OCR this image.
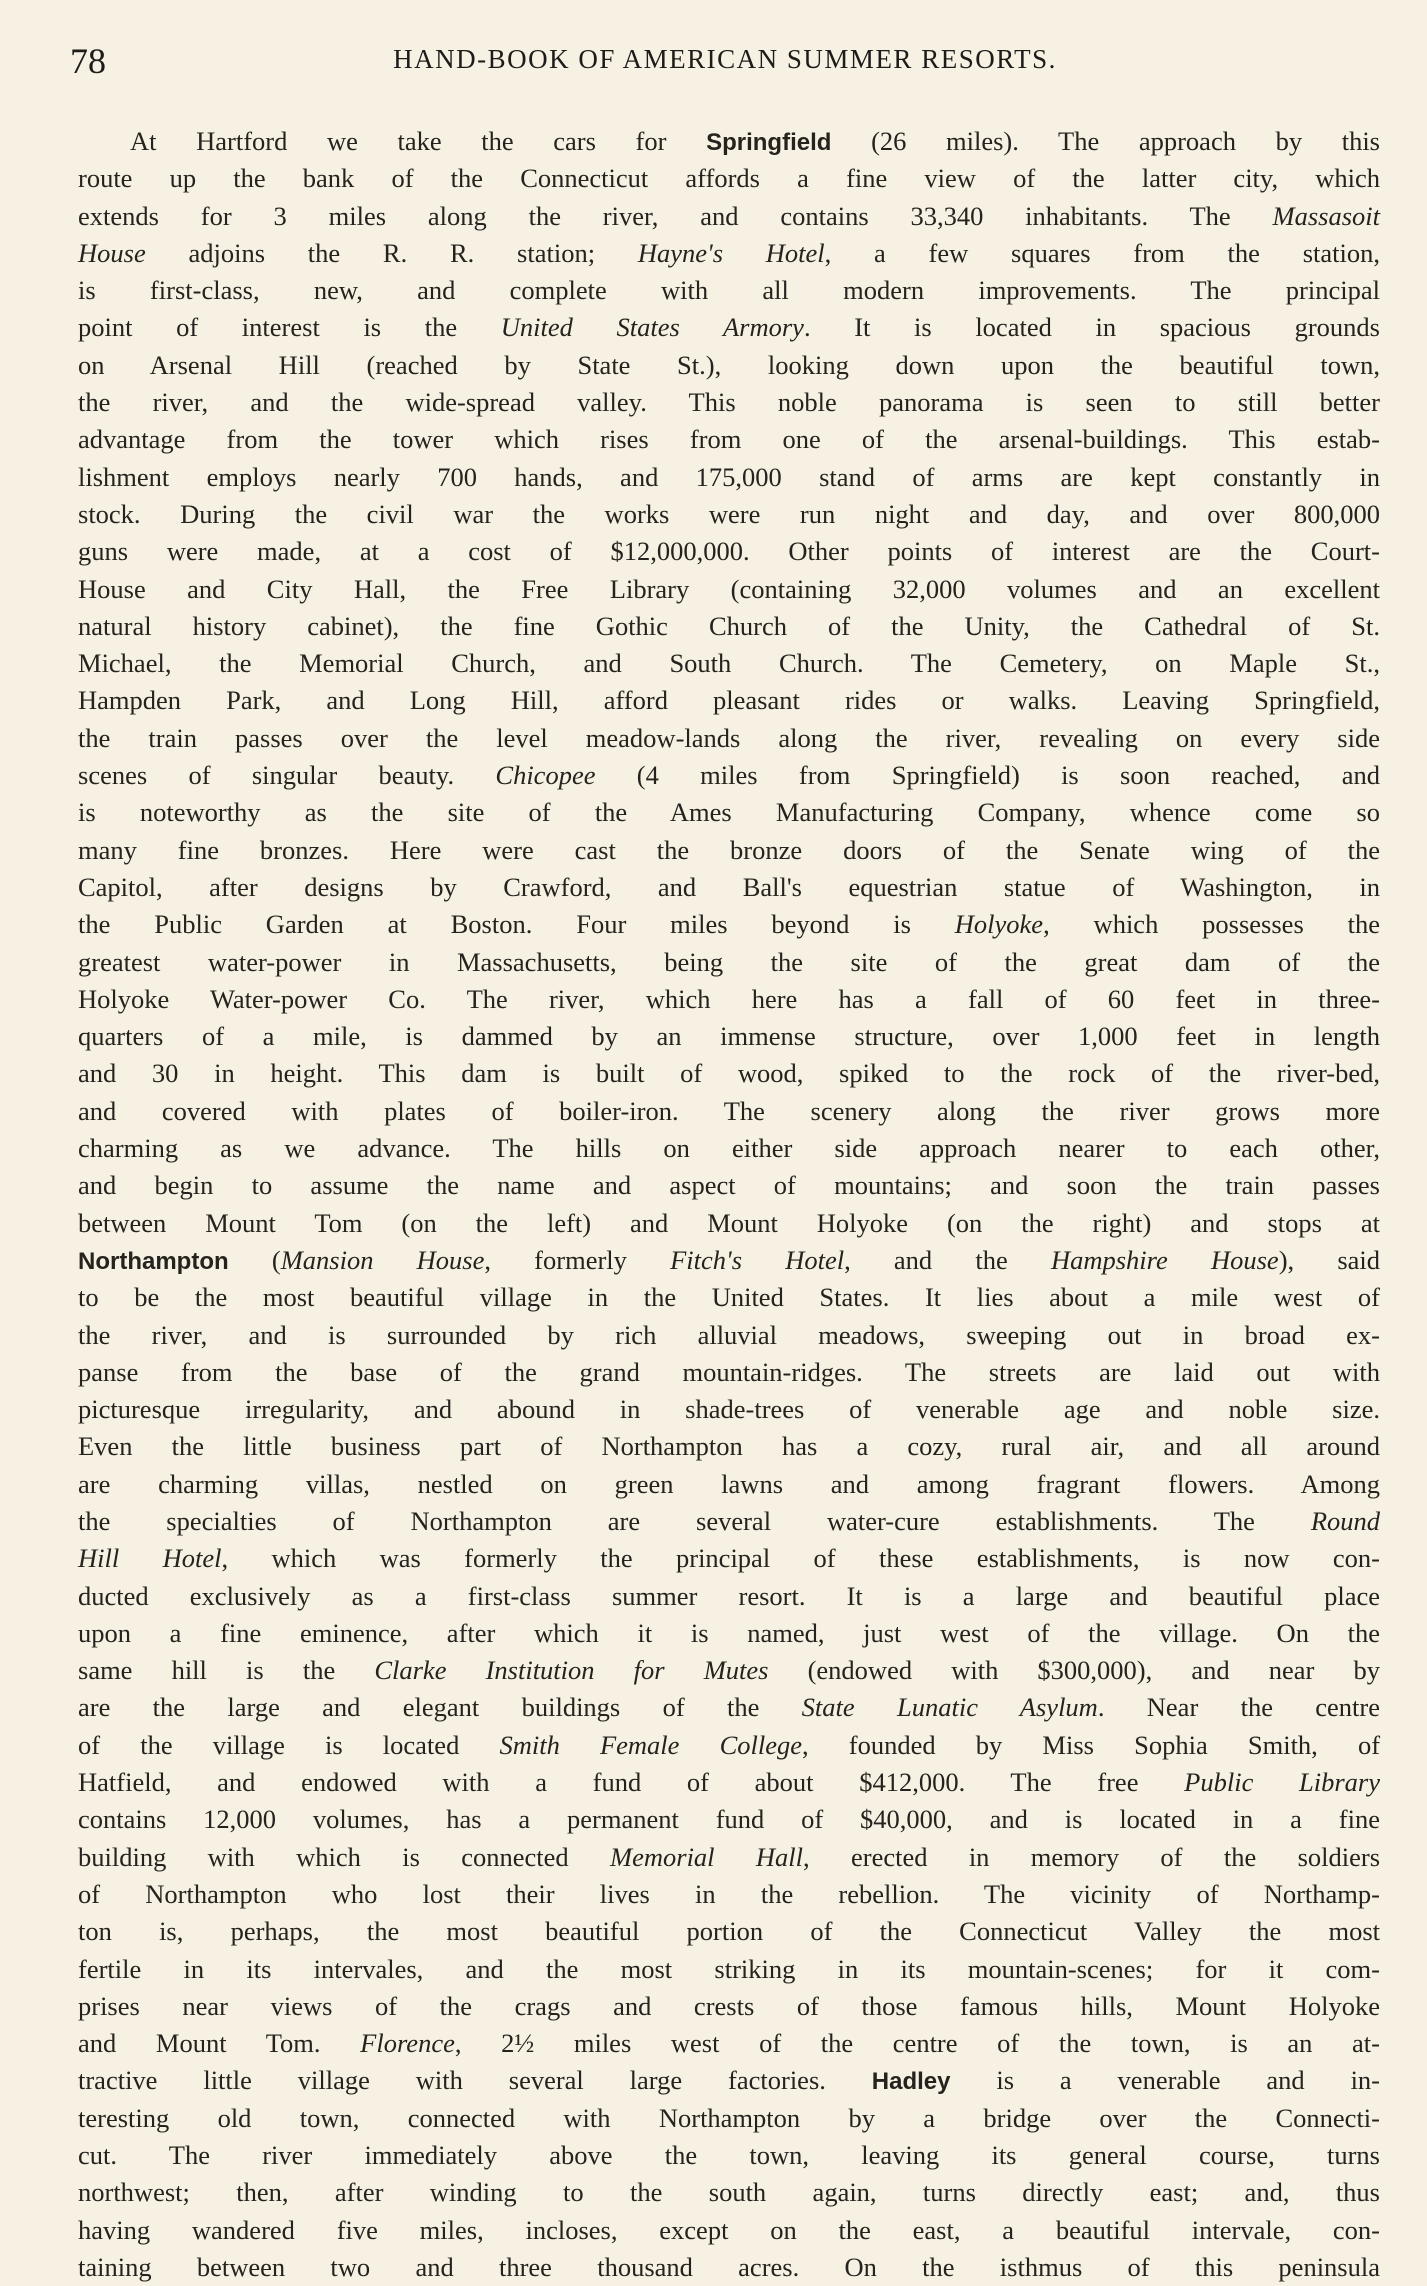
78	HAND-BOOK OF AMERICAN SUMMER RESORTS.
At Hartford we take the cars for Springfield (26 miles). The approach by this
route up the bank of the Connecticut affords a fine view of the latter city, which
extends for 3 miles along the river, and contains 33,340 inhabitants. The Massasoit
House adjoins the R. R. station; Hayne's Hotel, a few squares from the station,
is first-class, new, and complete with all modern improvements. The principal
point of interest is the United States Armory. It is located in spacious grounds
on Arsenal Hill (reached by State St.), looking down upon the beautiful town,
the river, and the wide-spread valley. This noble panorama is seen to still better
advantage from the tower which rises from one of the arsenal-buildings. This estab-
lishment employs nearly 700 hands, and 175,000 stand of arms are kept constantly in
stock. During the civil war the works were run night and day, and over 800,000
guns were made, at a cost of $12,000,000. Other points of interest are the Court-
House and City Hall, the Free Library (containing 32,000 volumes and an excellent
natural history cabinet), the fine Gothic Church of the Unity, the Cathedral of St.
Michael, the Memorial Church, and South Church. The Cemetery, on Maple St.,
Hampden Park, and Long Hill, afford pleasant rides or walks. Leaving Springfield,
the train passes over the level meadow-lands along the river, revealing on every side
scenes of singular beauty. Chicopee (4 miles from Springfield) is soon reached, and
is noteworthy as the site of the Ames Manufacturing Company, whence come so
many fine bronzes. Here were cast the bronze doors of the Senate wing of the
Capitol, after designs by Crawford, and Ball's equestrian statue of Washington, in
the Public Garden at Boston. Four miles beyond is Holyoke, which possesses the
greatest water-power in Massachusetts, being the site of the great dam of the
Holyoke Water-power Co. The river, which here has a fall of 60 feet in three-
quarters of a mile, is dammed by an immense structure, over 1,000 feet in length
and 30 in height. This dam is built of wood, spiked to the rock of the river-bed,
and covered with plates of boiler-iron. The scenery along the river grows more
charming as we advance. The hills on either side approach nearer to each other,
and begin to assume the name and aspect of mountains; and soon the train passes
between Mount Tom (on the left) and Mount Holyoke (on the right) and stops at
Northampton (Mansion House, formerly Fitch's Hotel, and the Hampshire House), said
to be the most beautiful village in the United States. It lies about a mile west of
the river, and is surrounded by rich alluvial meadows, sweeping out in broad ex-
panse from the base of the grand mountain-ridges. The streets are laid out with
picturesque irregularity, and abound in shade-trees of venerable age and noble size.
Even the little business part of Northampton has a cozy, rural air, and all around
are charming villas, nestled on green lawns and among fragrant flowers. Among
the specialties of Northampton are several water-cure establishments. The Round
Hill Hotel, which was formerly the principal of these establishments, is now con-
ducted exclusively as a first-class summer resort. It is a large and beautiful place
upon a fine eminence, after which it is named, just west of the village. On the
same hill is the Clarke Institution for Mutes (endowed with $300,000), and near by
are the large and elegant buildings of the State Lunatic Asylum. Near the centre
of the village is located Smith Female College, founded by Miss Sophia Smith, of
Hatfield, and endowed with a fund of about $412,000. The free Public Library
contains 12,000 volumes, has a permanent fund of $40,000, and is located in a fine
building with which is connected Memorial Hall, erected in memory of the soldiers
of Northampton who lost their lives in the rebellion. The vicinity of Northamp-
ton is, perhaps, the most beautiful portion of the Connecticut Valley the most
fertile in its intervales, and the most striking in its mountain-scenes; for it com-
prises near views of the crags and crests of those famous hills, Mount Holyoke
and Mount Tom. Florence, 2½ miles west of the centre of the town, is an at-
tractive little village with several large factories. Hadley is a venerable and in-
teresting old town, connected with Northampton by a bridge over the Connecti-
cut. The river immediately above the town, leaving its general course, turns
northwest; then, after winding to the south again, turns directly east; and, thus
having wandered five miles, incloses, except on the east, a beautiful intervale, con-
taining between two and three thousand acres. On the isthmus of this peninsula
